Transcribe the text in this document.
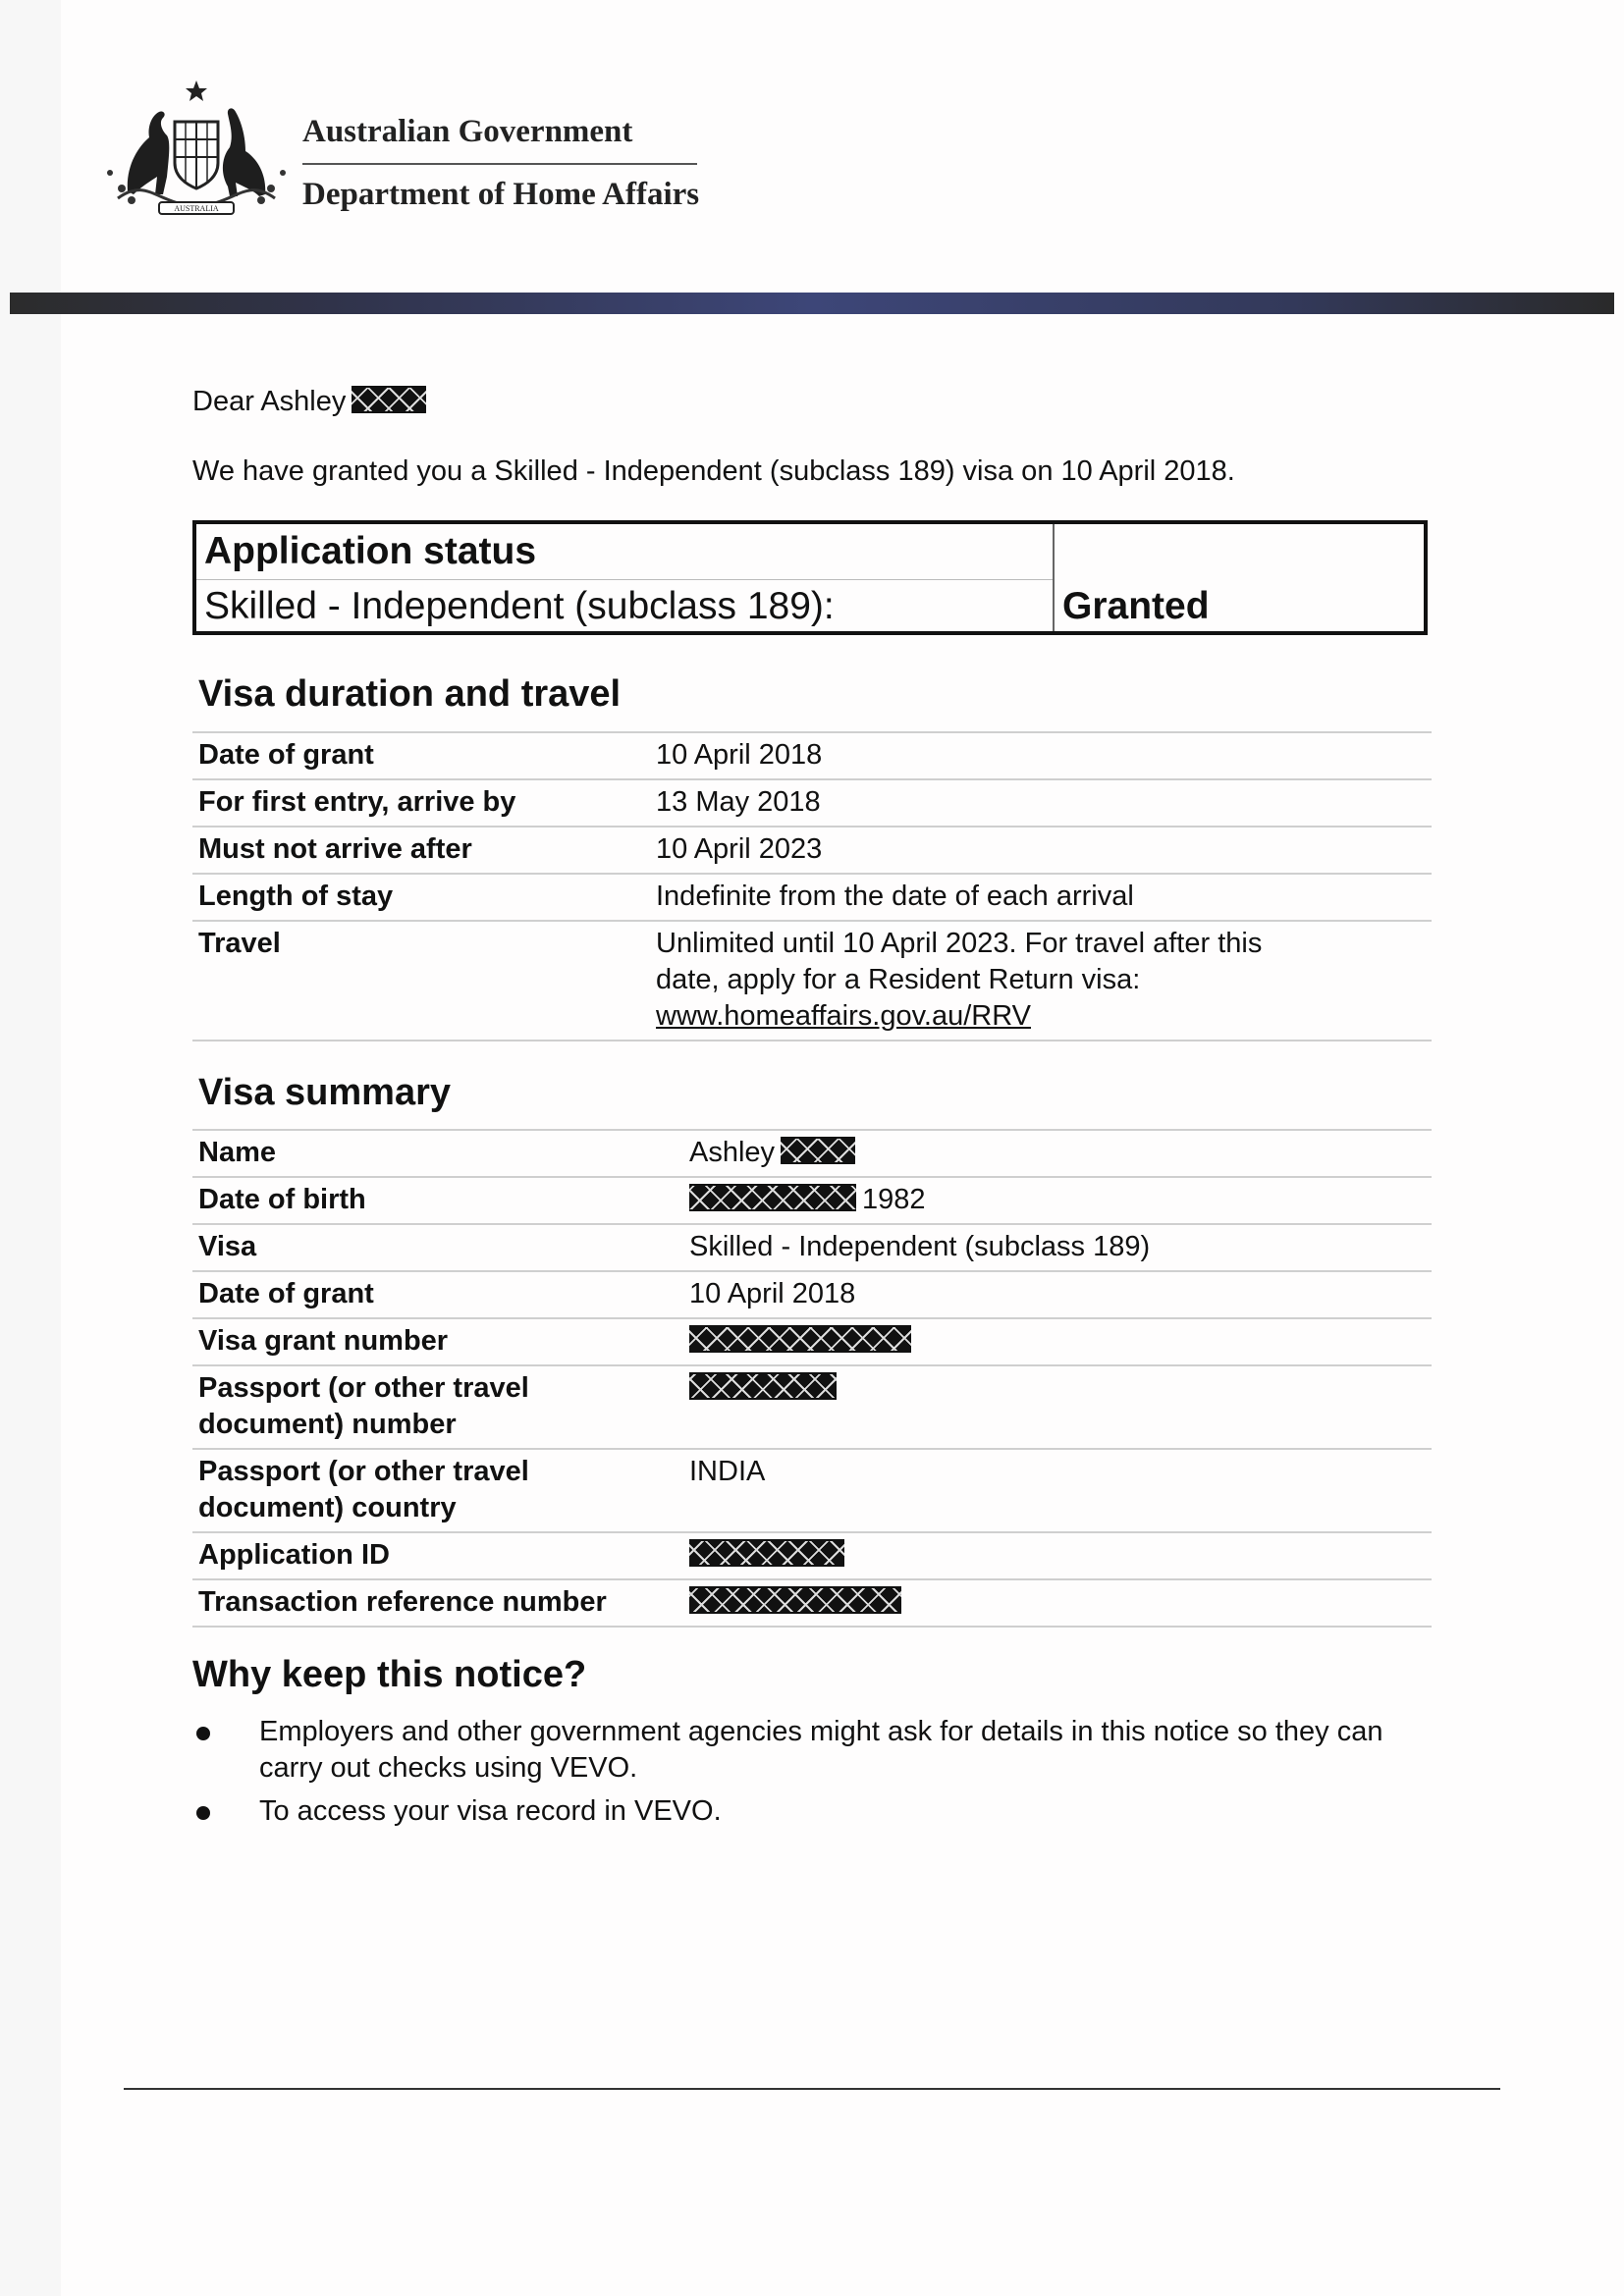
AUSTRALIA
Australian Government
Department of Home Affairs
Dear Ashley
We have granted you a Skilled - Independent (subclass 189) visa on 10 April 2018.
Application status
Skilled - Independent (subclass 189):	Granted
Visa duration and travel
Date of grant	10 April 2018
For first entry, arrive by	13 May 2018
Must not arrive after	10 April 2023
Length of stay	Indefinite from the date of each arrival
Travel	Unlimited until 10 April 2023. For travel after this date, apply for a Resident Return visa:
www.homeaffairs.gov.au/RRV
Visa summary
Name	Ashley
Date of birth	1982
Visa	Skilled - Independent (subclass 189)
Date of grant	10 April 2018
Visa grant number	
Passport (or other travel document) number	
Passport (or other travel document) country	INDIA
Application ID	
Transaction reference number	
Why keep this notice?
Employers and other government agencies might ask for details in this notice so they can carry out checks using VEVO.
To access your visa record in VEVO.
